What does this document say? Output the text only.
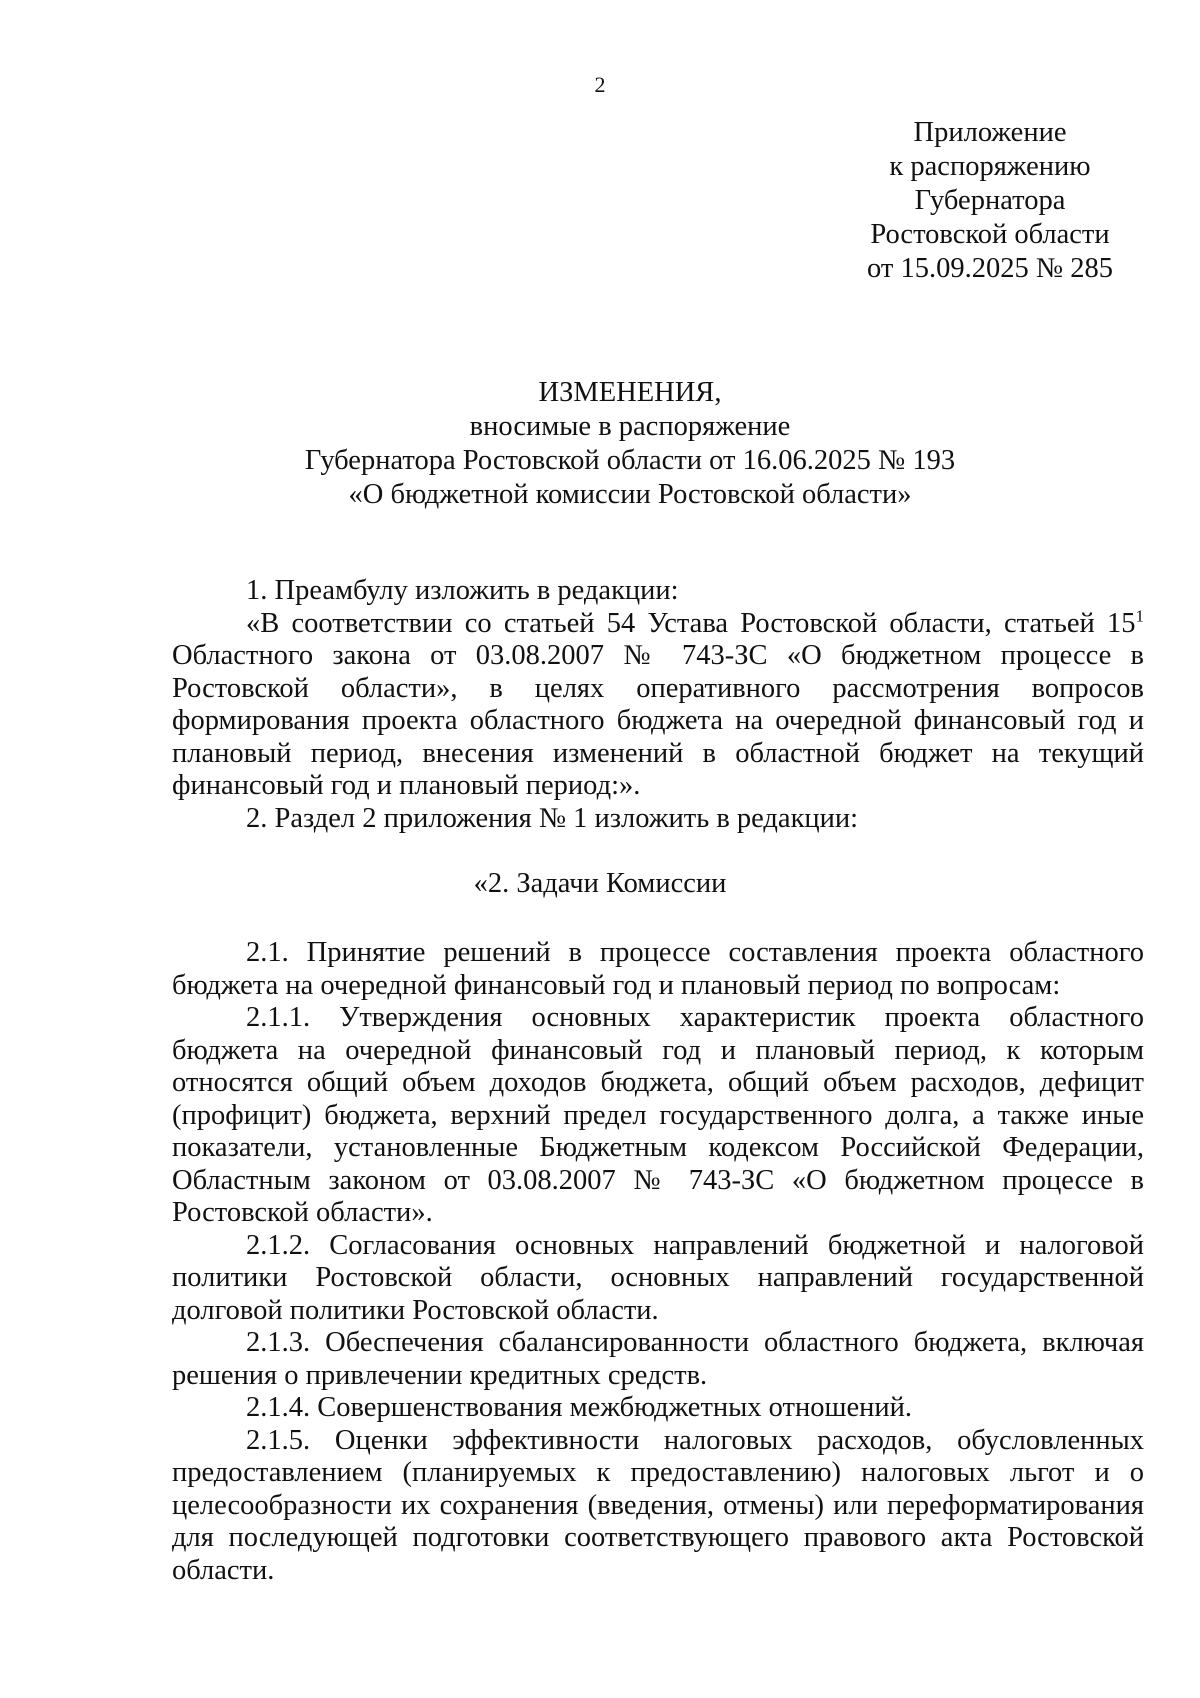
2
Приложение
к распоряжению
Губернатора
Ростовской области
от 15.09.2025 № 285
ИЗМЕНЕНИЯ,
вносимые в распоряжение
Губернатора Ростовской области от 16.06.2025 № 193
«О бюджетной комиссии Ростовской области»

1. Преамбулу изложить в редакции:

«В соответствии со статьей 54 Устава Ростовской области, статьей $15^1$ Областного закона от 03.08.2007 № 743-ЗС «О бюджетном процессе в Ростовской области», в целях оперативного рассмотрения вопросов формирования проекта областного бюджета на очередной финансовый год и плановый период, внесения изменений в областной бюджет на текущий финансовый год и плановый период:».

2. Раздел 2 приложения № 1 изложить в редакции:

«2. Задачи Комиссии

2.1. Принятие решений в процессе составления проекта областного бюджета на очередной финансовый год и плановый период по вопросам:

2.1.1. Утверждения основных характеристик проекта областного бюджета на очередной финансовый год и плановый период, к которым относятся общий объем доходов бюджета, общий объем расходов, дефицит (профицит) бюджета, верхний предел государственного долга, а также иные показатели, установленные Бюджетным кодексом Российской Федерации, Областным законом от 03.08.2007 № 743-ЗС «О бюджетном процессе в Ростовской области».

2.1.2. Согласования основных направлений бюджетной и налоговой политики Ростовской области, основных направлений государственной долговой политики Ростовской области.

2.1.3. Обеспечения сбалансированности областного бюджета, включая решения о привлечении кредитных средств.

2.1.4. Совершенствования межбюджетных отношений.

2.1.5. Оценки эффективности налоговых расходов, обусловленных предоставлением (планируемых к предоставлению) налоговых льгот и о целесообразности их сохранения (введения, отмены) или переформатирования для последующей подготовки соответствующего правового акта Ростовской области.
